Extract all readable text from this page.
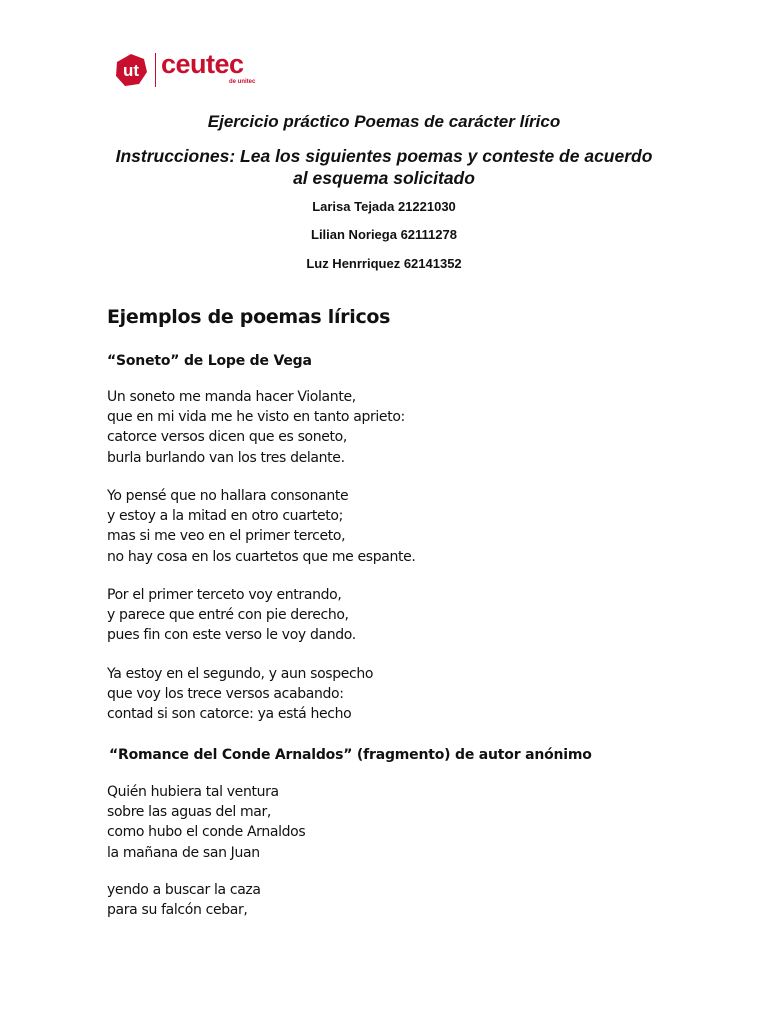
ut ceutec
de unitec
Ejercicio práctico Poemas de carácter lírico
Instrucciones: Lea los siguientes poemas y conteste de acuerdo al esquema solicitado
Larisa Tejada 21221030
Lilian Noriega 62111278
Luz Henrriquez 62141352
Ejemplos de poemas líricos
“Soneto” de Lope de Vega
Un soneto me manda hacer Violante,
que en mi vida me he visto en tanto aprieto:
catorce versos dicen que es soneto,
burla burlando van los tres delante.
Yo pensé que no hallara consonante
y estoy a la mitad en otro cuarteto;
mas si me veo en el primer terceto,
no hay cosa en los cuartetos que me espante.
Por el primer terceto voy entrando,
y parece que entré con pie derecho,
pues fin con este verso le voy dando.
Ya estoy en el segundo, y aun sospecho
que voy los trece versos acabando:
contad si son catorce: ya está hecho
“Romance del Conde Arnaldos” (fragmento) de autor anónimo
Quién hubiera tal ventura
sobre las aguas del mar,
como hubo el conde Arnaldos
la mañana de san Juan
yendo a buscar la caza
para su falcón cebar,
